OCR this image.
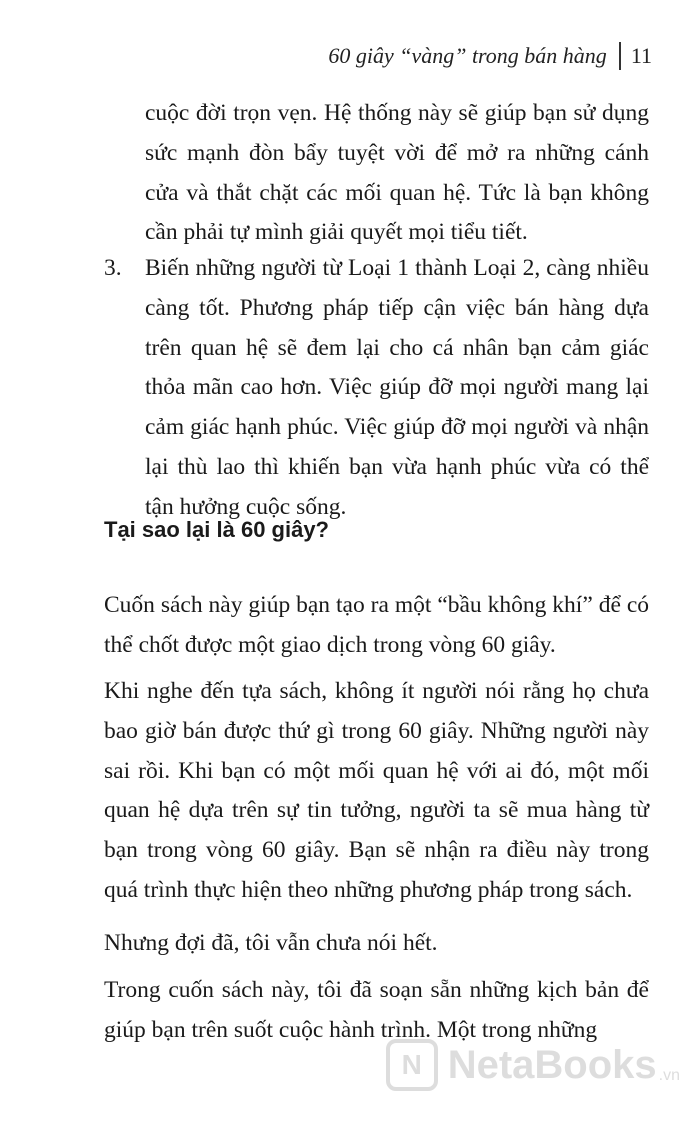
60 giây “vàng” trong bán hàng 11

cuộc đời trọn vẹn. Hệ thống này sẽ giúp bạn sử dụng sức mạnh đòn bẩy tuyệt vời để mở ra những cánh cửa và thắt chặt các mối quan hệ. Tức là bạn không cần phải tự mình giải quyết mọi tiểu tiết.

3. Biến những người từ Loại 1 thành Loại 2, càng nhiều càng tốt. Phương pháp tiếp cận việc bán hàng dựa trên quan hệ sẽ đem lại cho cá nhân bạn cảm giác thỏa mãn cao hơn. Việc giúp đỡ mọi người mang lại cảm giác hạnh phúc. Việc giúp đỡ mọi người và nhận lại thù lao thì khiến bạn vừa hạnh phúc vừa có thể tận hưởng cuộc sống.

Tại sao lại là 60 giây?

Cuốn sách này giúp bạn tạo ra một “bầu không khí” để có thể chốt được một giao dịch trong vòng 60 giây.

Khi nghe đến tựa sách, không ít người nói rằng họ chưa bao giờ bán được thứ gì trong 60 giây. Những người này sai rồi. Khi bạn có một mối quan hệ với ai đó, một mối quan hệ dựa trên sự tin tưởng, người ta sẽ mua hàng từ bạn trong vòng 60 giây. Bạn sẽ nhận ra điều này trong quá trình thực hiện theo những phương pháp trong sách.

Nhưng đợi đã, tôi vẫn chưa nói hết.

Trong cuốn sách này, tôi đã soạn sẵn những kịch bản để giúp bạn trên suốt cuộc hành trình. Một trong những

N NetaBooks .vn
